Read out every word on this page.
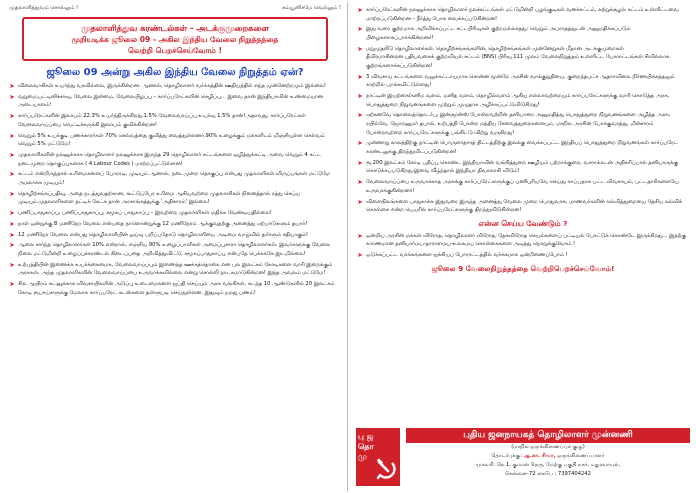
முதலாளித்துவம் சொல்லும் !	கம்யூனிசமே வெல்லும் !
முதலாளித்துவ சுரண்டல்கள் - அடக்குமுறைகளை
முறியடிக்க ஜூலை 09 - அகில இந்திய வேலை நிறுத்தத்தை
வெற்றி பெறச்செய்வோம் !
ஜூலை 09 அன்று அகில இந்திய வேலை நிறுத்தம் ஏன்?
➤ விலைவாசிகள் உயர்ந்து வரவில்லை, இருக்கின்றன. ஆனால், தொழிலாளர் வர்க்கத்தின் ஊதியத்தில் எந்த முன்னேற்றமும் இல்லை!
➤ வறுமை,பட்டினிச்சாவு, வேலை இன்மை, வேலையிழப்பு – கார்ப்பரேட்களின் செழிப்பு... இவை தான் இந்தியாவின் உண்மையான அடையாளம்!
➤ கார்ப்பரேட்களின் இலாபம் 22.3% உயர்ந்திருக்கிறது.1.5% வேலைவாய்ப்பு உயர்வு 1.5% தான்!அதாவது, கார்ப்பரேட்கள் வேலைவாய்ப்பை வெட்டிச்சுருக்கி இலாபம் குவிக்கின்றன!
➤ வெறும் 5% உயர்குடி பணக்காரர்கள் 70% செல்வத்தை குவித்து வைத்துள்ளனர்.90% உழைக்கும் மக்களிடம் மிஞ்சியுள்ள செல்வம் வெறும் 5% மட்டுமே!
➤ முதலாளிகளின் நலனுக்காக தொழிலாளர் நலனுக்காக இருந்த 29 தொழிலாளர் சட்டங்களை ஒழித்துக்கட்டி அவை வெறும் 4 சட்ட நடைமுறை தொகுப்புகளாக ( 4 Labour Codes ) மாற்றப்பட்டுள்ளன!
➤ சட்டம் என்றிருந்தால் உரிமைகளைப் போராடி, முடியும்.ஆனால், நடைமுறை தொகுப்பு என்பது முதலாளிகள் விருப்பங்கள் மட்டுமே அமலாக்க முடியும்!
➤ தொழிற்சங்கப்பதிவு, அதை நடத்துவதற்கான, கூட்டுப்பேர உரிமை ஆகியவற்றை முதலாளிகள் நினைத்தால் ரத்து செய்ய முடியும்.முதலாளிகளை தட்டிக் கேட்க தான் அரசாங்கத்துக்கு 'அதிகாரம்' இல்லை!
➤ பணிப்பாதுகாப்பு, பணிப்பாதுகாப்பு, சமூகப் பாதுகாப்பு – இவற்றை முதலாளிகள் மதிக்க வேண்டியதில்லை!
➤ நாள் ஒன்றுக்கு 8 மணிநேர வேலை என்பதை நாளொன்றுக்கு 12 மணிநேரம் ஆக்குவதற்கு அனைத்து ஏற்பாடுகளும் தயார்!
➤ 12 மணிநேர வேலை என்பது தொழிலாளியின் ஓய்வு பறிப்பதோடு தொழிலாளியை அடிமை வாழ்வில் தள்ளும் சதியாகும்!
➤ ஆலை சார்ந்த தொழிலாளர்கள் 10% என்றால், எஞ்சிய 90% உழைப்பாளிகள் அமைப்புசாரா தொழிலாளர்கள். இவர்களுக்கு வேலை நிலை மட்டுமின்றி உழைப்புச்சுரண்டல் கிடைப்பதை அறிவித்துவிட்டு, சமூகப்பாதுகாப்பு என்பதே பெச்சுக்கே இடமில்லை!
➤ உற்பத்தியின் இணைக்க உயர்க்கைமைக, வேலைவாய்ப்பும் இணைந்த ஊக்கத்தொகை என பல இலட்சம் கோடிகளை வாரி இறைக்கும் அரசுகள், அந்த முதலாளிகளின் வேலைவாய்ப்பை உருவாக்கவில்லை என்று சொல்லி நாடகமாடுகின்றன! இந்த அவலம் மட்டுமே!
➤ சில ஆயிரம் கடனுக்காக விவசாயிகளின் அடுப்பு உடைமைகளை ஜப்தி செய்யும் அரசு வங்கிகள், கடந்த 10 ஆண்டுகளில் 20 இலட்சம் கோடி ரூபாய்களுக்கு மேலாக கார்ப்பரேட் கடன்களை தள்ளுபடி செய்துள்ளன. இதுவும் நமது பணம்!
➤ கார்ப்பரேட்களின் நலனுக்காக தொழிலாளர் நலச்சட்டங்கள் மட்டுமின்றி பழங்குடிகள் வனச்சட்டம், சுற்றுச்சூழல் சட்டம் உள்ளிட்டவை மாற்றப்படுகின்றன – நீர்த்து போக வைக்கப்படுகின்றன!
➤ இது வரை குற்றமாக அறிவிக்கப்பட்ட சட்டபிரிவுகள் குற்றமல்லாதது: வெறும் அபராதத்துடன் அனுமதிக்கப்படும் பிழைகளாகப்பார்க்கின்றனர்!
➤ மறுமுதலீடு தொழிலாளர்கள், தொழிற்சங்கங்களின், தொழிற்சங்கங்கள் முன்னேறுகள் மீதான அடக்குமுறைகள் தீவிரமாகின்றன.புதியவகைக் குற்றவியல் சட்டம் (BNS) பிரிவு 111 முலம் வேலைநிறுத்தம் உள்ளிட்ட போராட்டங்கள் சிவில்லாக குற்றங்களாக்கப்படுகின்றன!
➤ 3 விவசாய சட்டங்களை வலுக்கட்டாயமாக சொன்ன மூன்றே அரசின் வாக்குறுதியை, குறைந்தபட்ச ஆதாரவிலை நிர்ணயிக்கத்தலும் காற்றில் பறக்கவிட்டுள்ளது!
➤ நாட்டின் இயற்கை/கனிம வளம், மனித வளம், தொழில்வளம் ஆகிய எல்லாவற்றையும் கார்ப்பரேட்களுக்கு வாரி கொடுத்த அரசு, பொதுத்துறை நிறுவனங்களை முற்றும் முழுதாக அழிக்கப்பட்டுவிடுகிறது!
➤ ஏற்கனவே தொலைத்தொடர்பு, இன்சூரன்ஸ் போன்றவற்றின் தனியாரை அனுமதித்து பொதுத்துறை நிறுவனங்களை அழித்த அரசு, ரயில்வே, ஜோறனுமர் தபால், உற்பத்தி போன்ற மத்திய சேவைத்துறைகளையும், மாநில அரசின் போக்குவரத்து, மின்சாரம் போன்றவற்றை கார்ப்பரேட்களுக்கு பங்கிட்டு விற்று வருகிறது!
➤ முன்னாறு காலத்திற்கு நாட்டின் பொருளாதாரத் திட்டத்திற்கு இலக்கு வைக்கப்பட்ட இந்தியப் பொதுத்துறை நிறுவனங்கள் கார்ப்பரேட் சுரண்டலுக்கு திறந்துவிடப்படுகின்றன!
➤ ரூ.200 இலட்சம் கோடி பதிப்பு கொண்ட இந்தியாவின் வங்கித்துறை ஊழியம் பற்றாக்குறை, வாராக்கடன் அதிகரிப்பால் தனியாருக்கு கொடுக்கப்படுகிறது.இவை வீழ்ந்தால் இந்தியா திவாலாகி விடும்!
➤ வேலைவாய்ப்பை உருவாக்காத அரசுக்கு கார்ப்பரேட்களுக்குப் பணிபுரியவே செய்து காப்பதாக பட்ட விவசாயம், பட்டதாரிகளையே உருவாக்குகின்றனர்!
➤ விளைநிலங்களை பாதுகாக்க இதுவரை இருந்த அனைத்து வேலை முறை பொதுவாக, மாணவர்களின் கல்வித்துறையை தேசிய கல்விக் கொள்கை என்ற பெயரில் கார்ப்பரேட்களுக்கு திறந்துவிடுகின்றன!
என்ன செய்ய வேண்டும் ?
➤ ஒன்றிய அரசின் மக்கள் விரோத, தொழிலாளர் விரோத, தேசவிரோத செயல்களைப் பட்டியல் போட்டுக் கொண்டே இருக்கிறது... இதற்கு காரணமான தனியார்மய-தாராளமய-உலகமய கொள்கைகளை அடித்து நொறுக்குவோம் !
➤ ஒடுக்கப்பட்ட வர்க்கங்களை ஐக்கியப் போராட்டத்தில் வர்க்கமாக ஒன்றிணைப்போம் !
ஜூலை 9 வேலைநிறுத்தத்தை வெற்றிபெறச்செய்வோம்!
பு ஜ தொ மு
புதிய ஜனநாயகத் தொழிலாளர் முன்னணி
(மாநில ஒருங்கிணைப்புக் குழு)
தொடர்புக்கு: ஆ.கா. சிவா, ஒருங்கிணைப்பாளர்
முகவரி: நெ.1, குமரன் தெரு, மேற்கு பகுதி நகர், மதுரவாயல்,
சென்னை-72 கைபே : 7397404242
